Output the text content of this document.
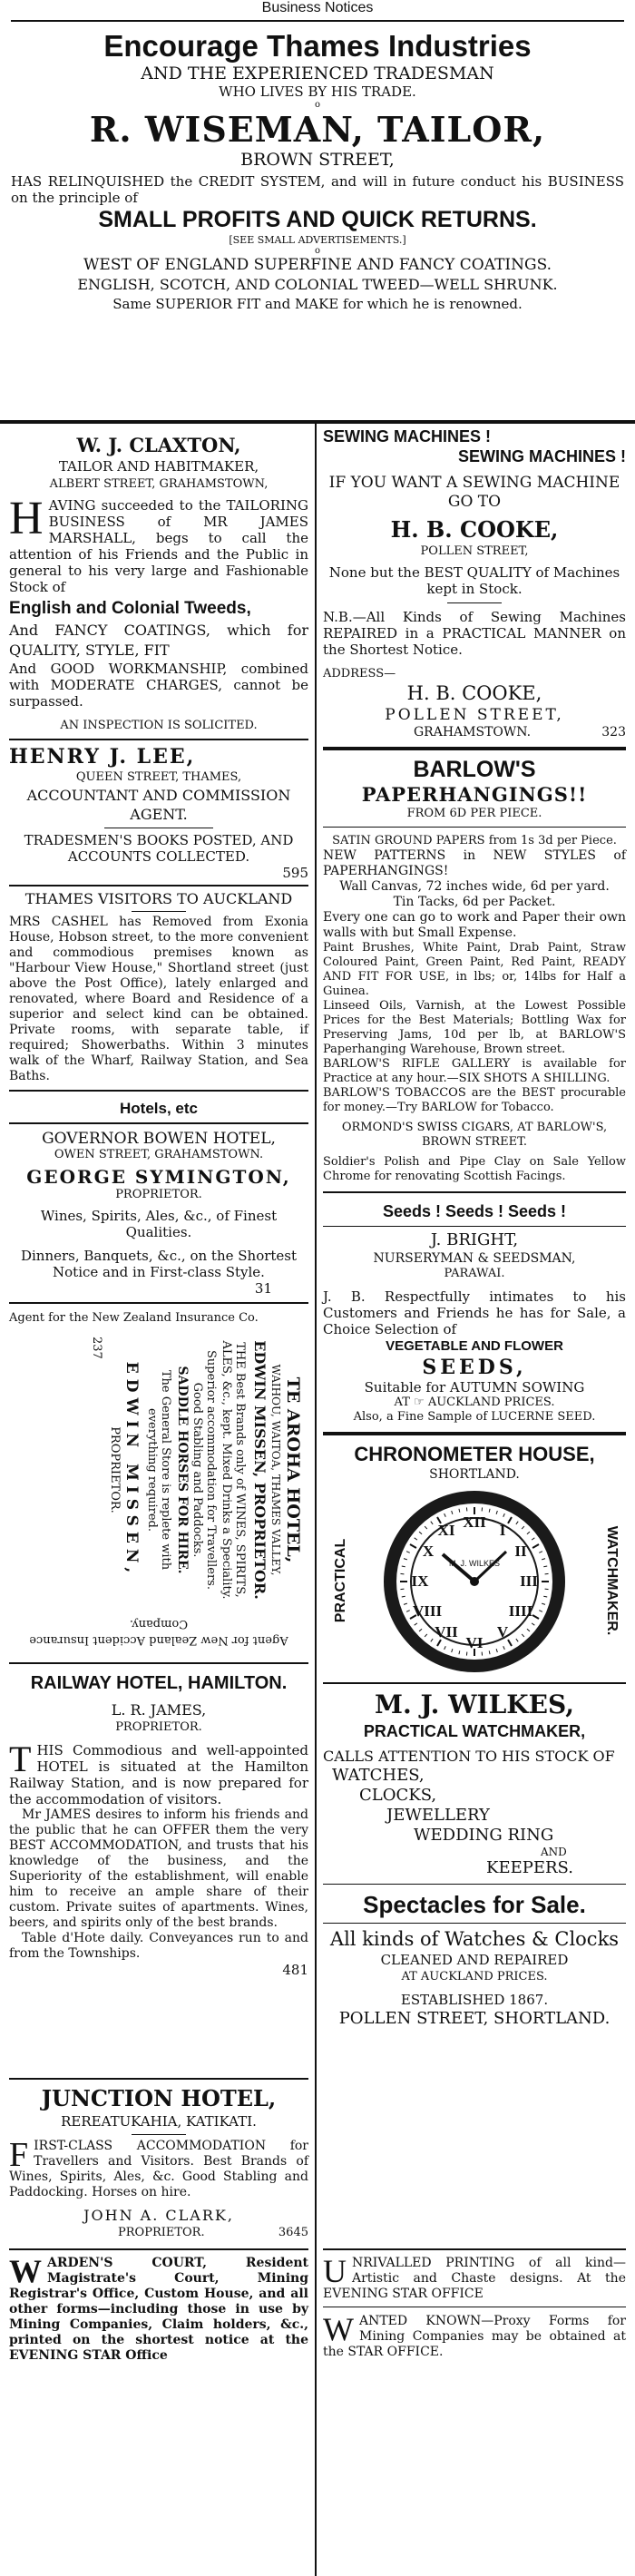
Business Notices
Encourage Thames Industries
AND THE EXPERIENCED TRADESMAN
WHO LIVES BY HIS TRADE.
o
R. WISEMAN, TAILOR,
BROWN STREET,

HAS RELINQUISHED the CREDIT SYSTEM, and will in future conduct his BUSINESS on the principle of

SMALL PROFITS AND QUICK RETURNS.
[SEE SMALL ADVERTISEMENTS.]
o
WEST OF ENGLAND SUPERFINE AND FANCY COATINGS.
ENGLISH, SCOTCH, AND COLONIAL TWEED—WELL SHRUNK.
Same SUPERIOR FIT and MAKE for which he is renowned.
W. J. CLAXTON,
TAILOR AND HABITMAKER,
ALBERT STREET, GRAHAMSTOWN,

HAVING succeeded to the TAILORING BUSINESS of MR JAMES MARSHALL, begs to call the attention of his Friends and the Public in general to his very large and Fashionable Stock of

English and Colonial Tweeds,

And FANCY COATINGS, which for QUALITY, STYLE, FIT

And GOOD WORKMANSHIP, combined with MODERATE CHARGES, cannot be surpassed.

AN INSPECTION IS SOLICITED.
HENRY J. LEE,
QUEEN STREET, THAMES,
ACCOUNTANT AND COMMISSION AGENT.

TRADESMEN'S BOOKS POSTED, AND ACCOUNTS COLLECTED.

595
THAMES VISITORS TO AUCKLAND

MRS CASHEL has Removed from Exonia House, Hobson street, to the more convenient and commodious premises known as "Harbour View House," Shortland street (just above the Post Office), lately enlarged and renovated, where Board and Residence of a superior and select kind can be obtained. Private rooms, with separate table, if required; Showerbaths. Within 3 minutes walk of the Wharf, Railway Station, and Sea Baths.

Hotels, etc
GOVERNOR BOWEN HOTEL,
OWEN STREET, GRAHAMSTOWN.
GEORGE SYMINGTON,
PROPRIETOR.

Wines, Spirits, Ales, &c., of Finest Qualities.

Dinners, Banquets, &c., on the Shortest Notice and in First-class Style.

31
Agent for the New Zealand Insurance Co.
TE AROHA HOTEL,
WAIHOU, WAITOA, THAMES VALLEY,
EDWIN MISSEN, PROPRIETOR.

THE Best Brands only of WINES, SPIRITS, ALES, &c., kept. Mixed Drinks a Speciality.

Superior accommodation for Travellers. Good Stabling and Paddocks.

SADDLE HORSES FOR HIRE.

The General Store is replete with everything required.

EDWIN MISSEN,
PROPRIETOR.
237
Agent for New Zealand Accident Insurance Company.
RAILWAY HOTEL, HAMILTON.
L. R. JAMES,
PROPRIETOR.

THIS Commodious and well-appointed HOTEL is situated at the Hamilton Railway Station, and is now prepared for the accommodation of visitors.

Mr JAMES desires to inform his friends and the public that he can OFFER them the very BEST ACCOMMODATION, and trusts that his knowledge of the business, and the Superiority of the establishment, will enable him to receive an ample share of their custom. Private suites of apartments. Wines, beers, and spirits only of the best brands.

Table d'Hote daily. Conveyances run to and from the Townships.

481
JUNCTION HOTEL,
REREATUKAHIA, KATIKATI.

FIRST-CLASS ACCOMMODATION for Travellers and Visitors. Best Brands of Wines, Spirits, Ales, &c. Good Stabling and Paddocking. Horses on hire.

JOHN A. CLARK,
PROPRIETOR.	3645

WARDEN'S COURT, Resident Magistrate's Court, Mining Registrar's Office, Custom House, and all other forms—including those in use by Mining Companies, Claim holders, &c., printed on the shortest notice at the EVENING STAR Office

SEWING MACHINES !
SEWING MACHINES !

IF YOU WANT A SEWING MACHINE GO TO

H. B. COOKE,
POLLEN STREET,

None but the BEST QUALITY of Machines kept in Stock.

N.B.—All Kinds of Sewing Machines REPAIRED in a PRACTICAL MANNER on the Shortest Notice.

ADDRESS—
H. B. COOKE,
POLLEN STREET,
GRAHAMSTOWN.	323
BARLOW'S
PAPERHANGINGS!!
FROM 6D PER PIECE.

SATIN GROUND PAPERS from 1s 3d per Piece.

NEW PATTERNS in NEW STYLES of PAPERHANGINGS!

Wall Canvas, 72 inches wide, 6d per yard.

Tin Tacks, 6d per Packet.

Every one can go to work and Paper their own walls with but Small Expense.

Paint Brushes, White Paint, Drab Paint, Straw Coloured Paint, Green Paint, Red Paint, READY AND FIT FOR USE, in lbs; or, 14lbs for Half a Guinea.

Linseed Oils, Varnish, at the Lowest Possible Prices for the Best Materials; Bottling Wax for Preserving Jams, 10d per lb, at BARLOW'S Paperhanging Warehouse, Brown street.

BARLOW'S RIFLE GALLERY is available for Practice at any hour.—SIX SHOTS A SHILLING.

BARLOW'S TOBACCOS are the BEST procurable for money.—Try BARLOW for Tobacco.

ORMOND'S SWISS CIGARS, AT BARLOW'S, BROWN STREET.

Soldier's Polish and Pipe Clay on Sale Yellow Chrome for renovating Scottish Facings.

Seeds ! Seeds ! Seeds !
J. BRIGHT,
NURSERYMAN & SEEDSMAN,
PARAWAI.

J. B. Respectfully intimates to his Customers and Friends he has for Sale, a Choice Selection of

VEGETABLE AND FLOWER
SEEDS,
Suitable for AUTUMN SOWING
AT ☞ AUCKLAND PRICES.
Also, a Fine Sample of LUCERNE SEED.
CHRONOMETER HOUSE,
SHORTLAND.
PRACTICAL	WATCHMAKER.
XII I
II
III
IIII
V
VI
VII
VIII
IX
X
XI
M. J. WILKES
M. J. WILKES,
PRACTICAL WATCHMAKER,
CALLS ATTENTION TO HIS STOCK OF
WATCHES,
CLOCKS,
JEWELLERY
WEDDING RING
AND
KEEPERS.
Spectacles for Sale.
All kinds of Watches & Clocks
CLEANED AND REPAIRED
AT AUCKLAND PRICES.
ESTABLISHED 1867.
POLLEN STREET, SHORTLAND.

UNRIVALLED PRINTING of all kind—Artistic and Chaste designs. At the EVENING STAR OFFICE

WANTED KNOWN—Proxy Forms for Mining Companies may be obtained at the STAR OFFICE.
